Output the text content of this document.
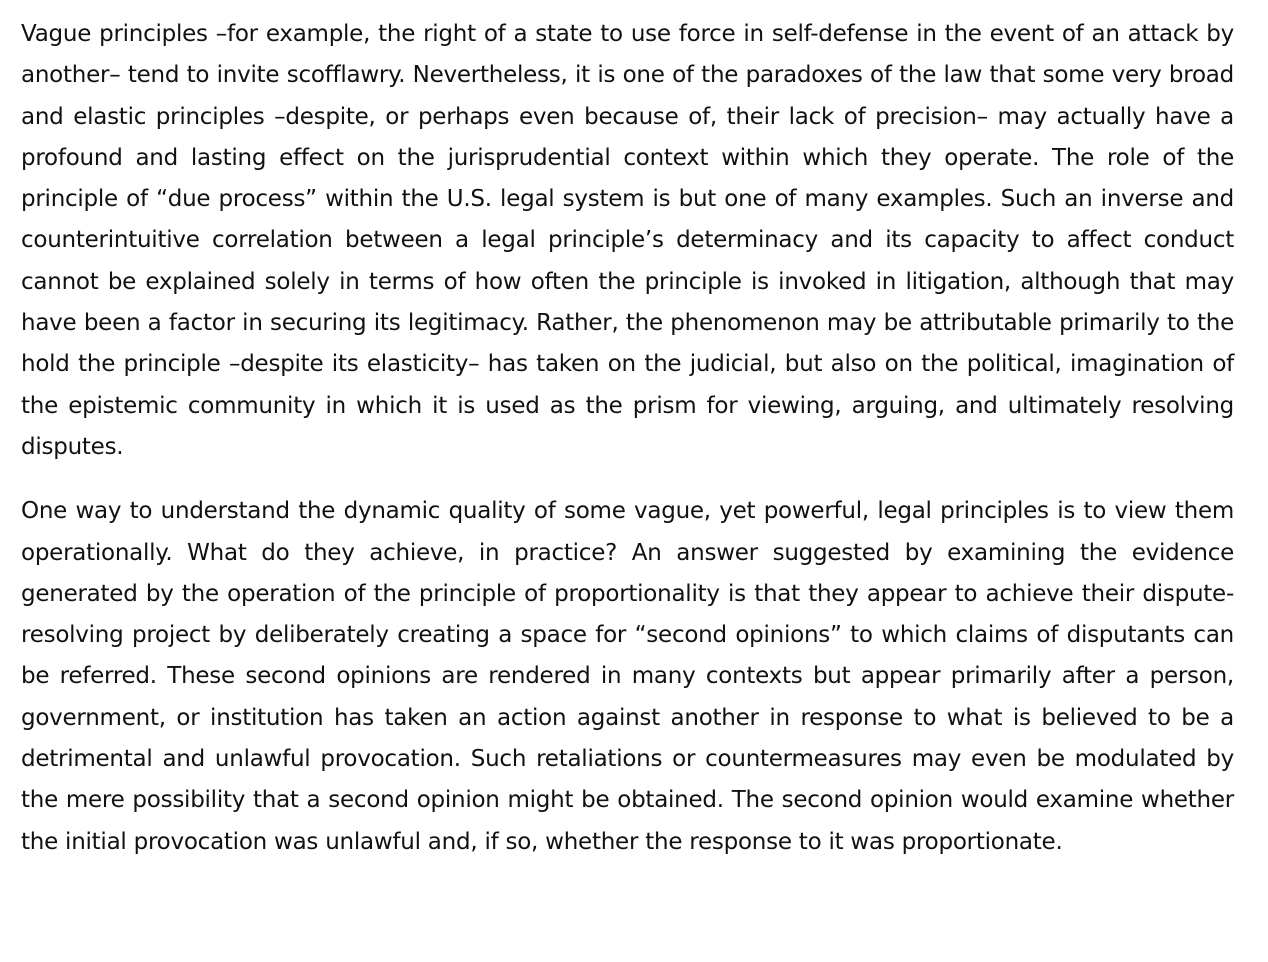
Vague principles –for example, the right of a state to use force in self-defense in the event of an attack by another– tend to invite scofflawry. Nevertheless, it is one of the paradoxes of the law that some very broad and elastic principles –despite, or perhaps even because of, their lack of precision– may actually have a profound and lasting effect on the jurisprudential context within which they operate. The role of the principle of “due process” within the U.S. legal system is but one of many examples. Such an inverse and counterintuitive correlation between a legal principle’s determinacy and its capacity to affect conduct cannot be explained solely in terms of how often the principle is invoked in litigation, although that may have been a factor in securing its legitimacy. Rather, the phenomenon may be attributable primarily to the hold the principle –despite its elasticity– has taken on the judicial, but also on the political, imagination of the epistemic community in which it is used as the prism for viewing, arguing, and ultimately resolving disputes.

One way to understand the dynamic quality of some vague, yet powerful, legal principles is to view them operationally. What do they achieve, in practice? An answer suggested by examining the evidence generated by the operation of the principle of proportionality is that they appear to achieve their dispute-resolving project by deliberately creating a space for “second opinions” to which claims of disputants can be referred. These second opinions are rendered in many contexts but appear primarily after a person, government, or institution has taken an action against another in response to what is believed to be a detrimental and unlawful provocation. Such retaliations or countermeasures may even be modulated by the mere possibility that a second opinion might be obtained. The second opinion would examine whether the initial provocation was unlawful and, if so, whether the response to it was proportionate.
